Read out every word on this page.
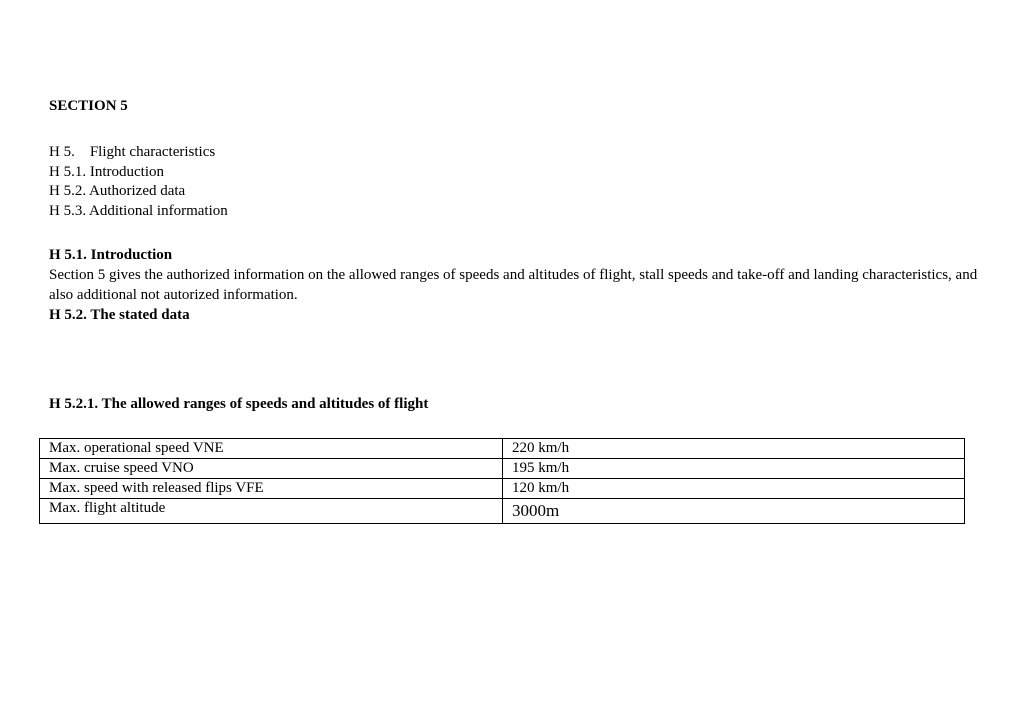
SECTION 5
H 5.    Flight characteristics
H 5.1. Introduction
H 5.2. Authorized data
H 5.3. Additional information

H 5.1. Introduction

Section 5 gives the authorized information on the allowed ranges of speeds and altitudes of flight, stall speeds and take-off and landing characteristics, and also additional not autorized information.

H 5.2. The stated data

H 5.2.1. The allowed ranges of speeds and altitudes of flight
Max. operational speed VNE	220 km/h
Max. cruise speed VNO	195 km/h
Max. speed with released flips VFE	120 km/h
Max. flight altitude	3000m
